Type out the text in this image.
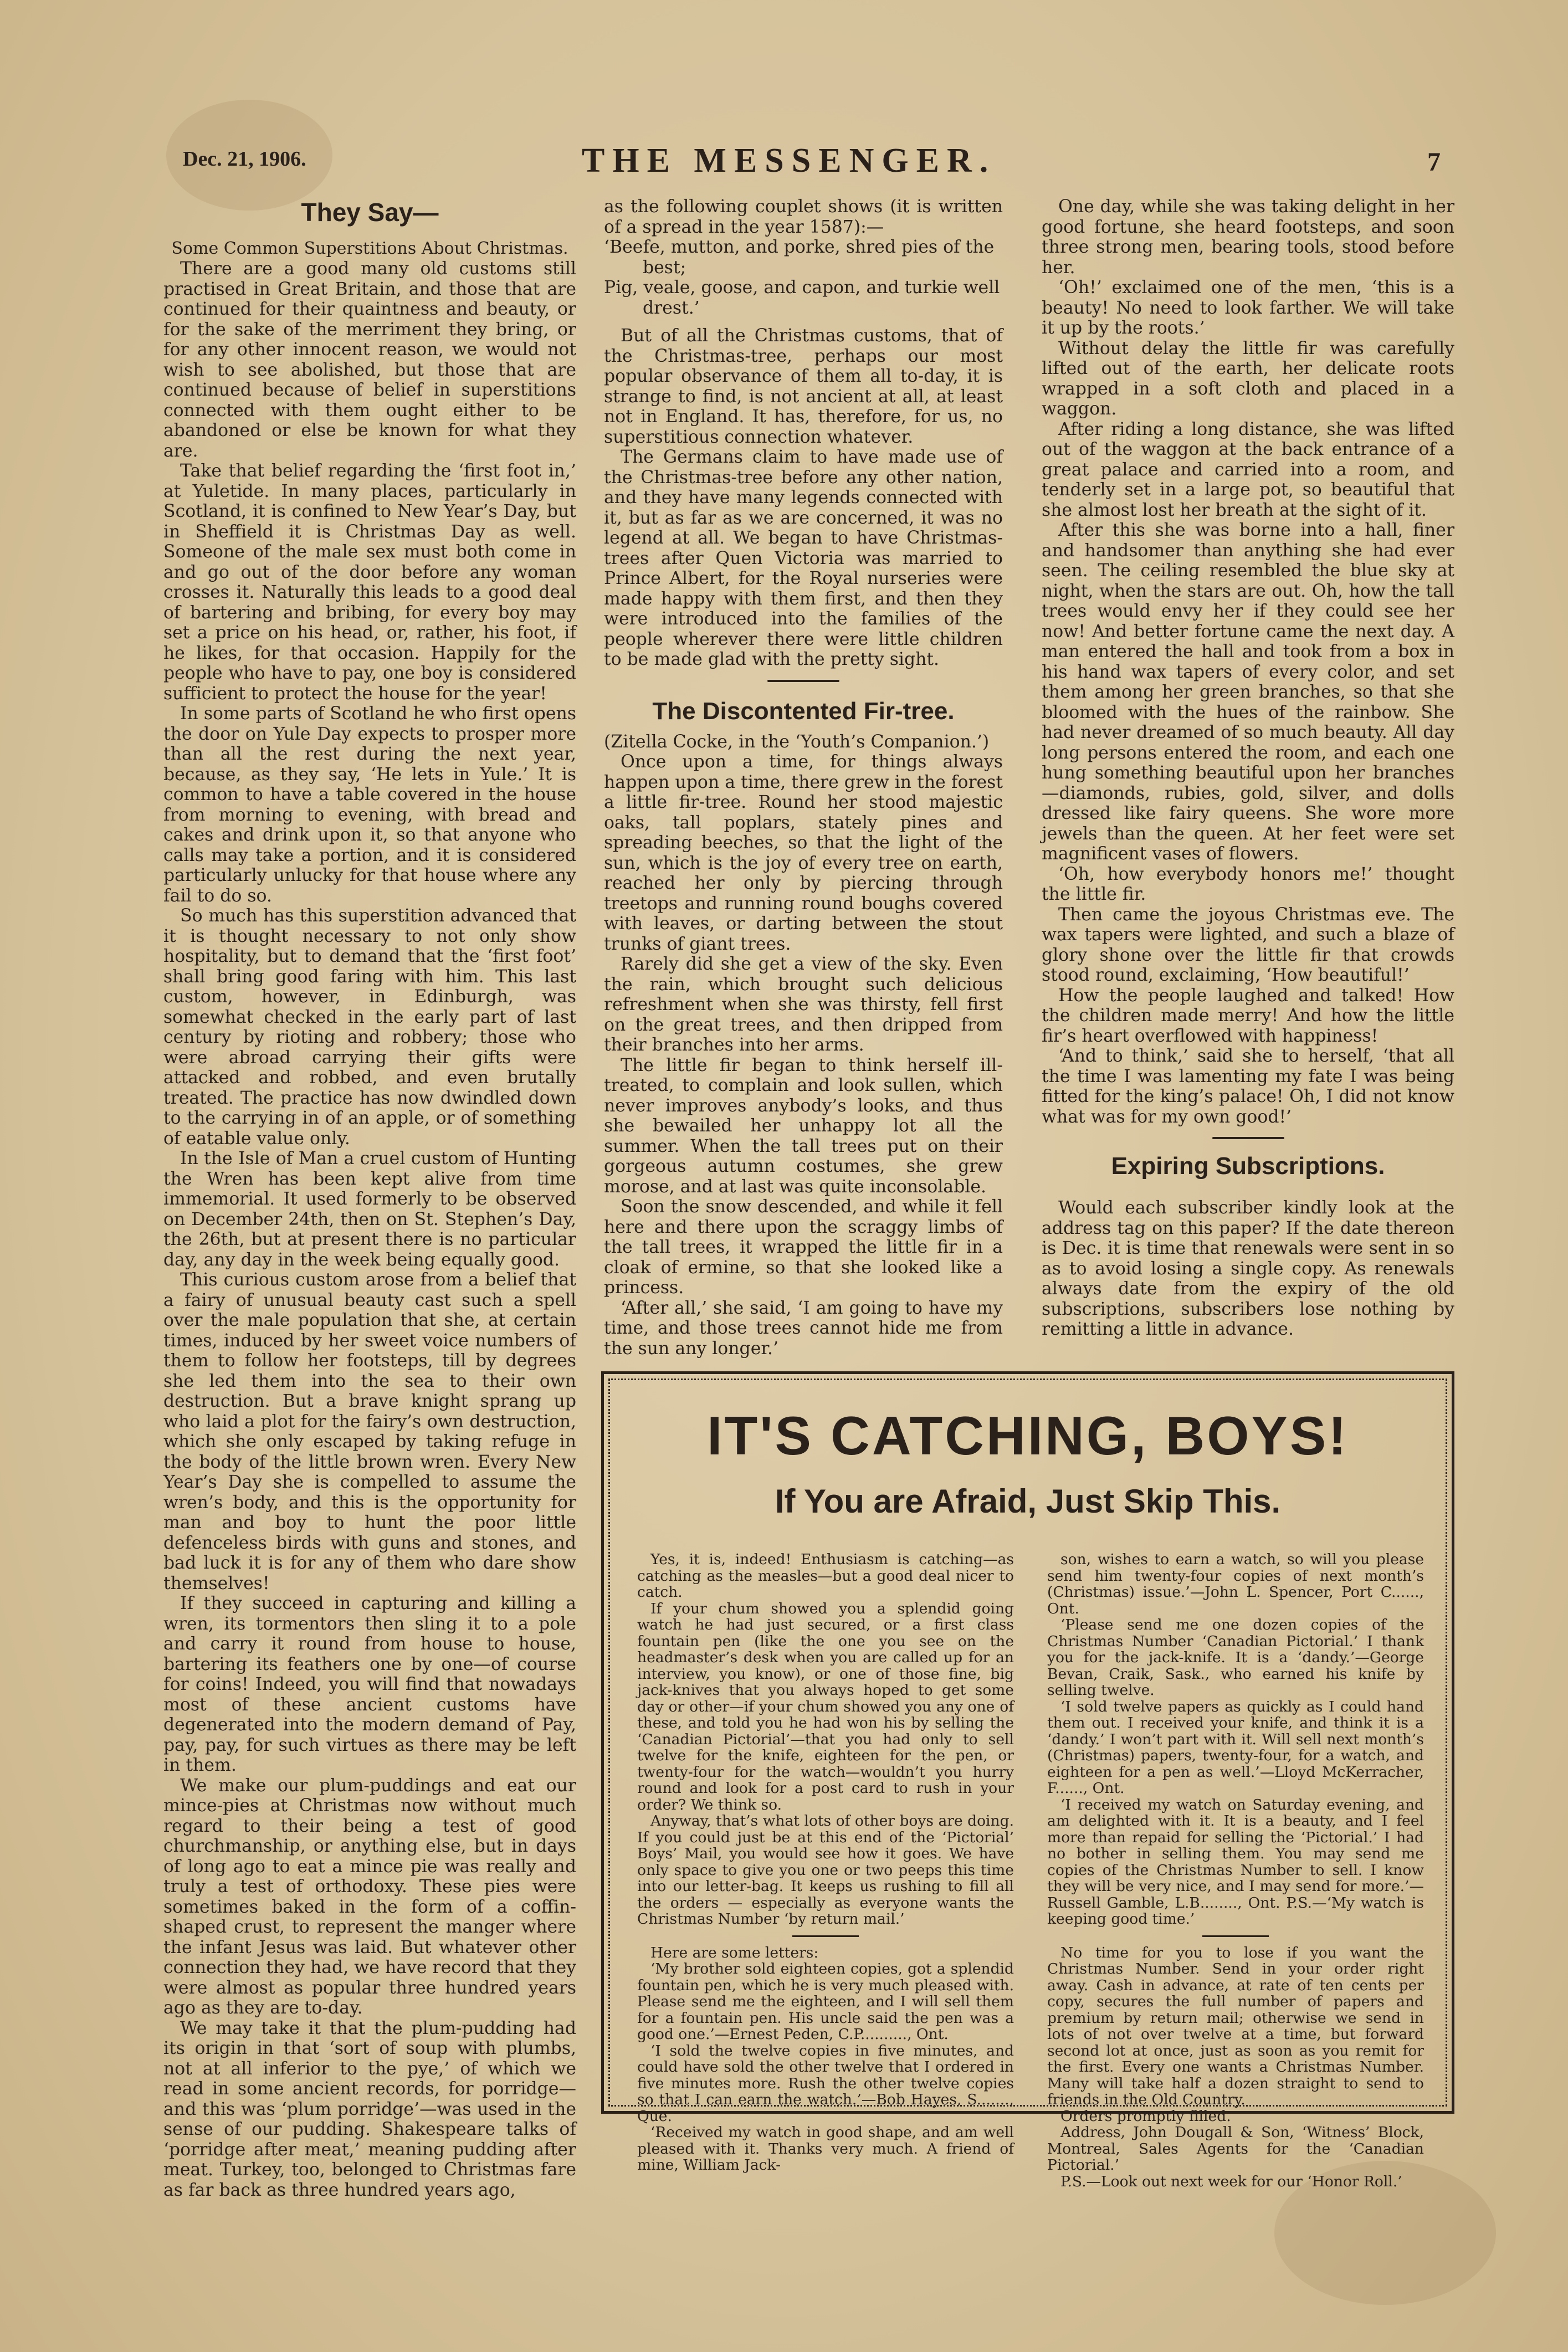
Dec. 21, 1906.	THE MESSENGER.	7
They Say—

Some Common Superstitions About Christmas.

There are a good many old customs still practised in Great Britain, and those that are continued for their quaintness and beauty, or for the sake of the merriment they bring, or for any other innocent reason, we would not wish to see abolished, but those that are continued because of belief in superstitions connected with them ought either to be abandoned or else be known for what they are.

Take that belief regarding the ‘first foot in,’ at Yuletide. In many places, particularly in Scotland, it is confined to New Year’s Day, but in Sheffield it is Christmas Day as well. Someone of the male sex must both come in and go out of the door before any woman crosses it. Naturally this leads to a good deal of bartering and bribing, for every boy may set a price on his head, or, rather, his foot, if he likes, for that occasion. Happily for the people who have to pay, one boy is considered sufficient to protect the house for the year!

In some parts of Scotland he who first opens the door on Yule Day expects to prosper more than all the rest during the next year, because, as they say, ‘He lets in Yule.’ It is common to have a table covered in the house from morning to evening, with bread and cakes and drink upon it, so that anyone who calls may take a portion, and it is considered particularly unlucky for that house where any fail to do so.

So much has this superstition advanced that it is thought necessary to not only show hospitality, but to demand that the ‘first foot’ shall bring good faring with him. This last custom, however, in Edinburgh, was somewhat checked in the early part of last century by rioting and robbery; those who were abroad carrying their gifts were attacked and robbed, and even brutally treated. The practice has now dwindled down to the carrying in of an apple, or of something of eatable value only.

In the Isle of Man a cruel custom of Hunting the Wren has been kept alive from time immemorial. It used formerly to be observed on December 24th, then on St. Stephen’s Day, the 26th, but at present there is no particular day, any day in the week being equally good.

This curious custom arose from a belief that a fairy of unusual beauty cast such a spell over the male population that she, at certain times, induced by her sweet voice numbers of them to follow her footsteps, till by degrees she led them into the sea to their own destruction. But a brave knight sprang up who laid a plot for the fairy’s own destruction, which she only escaped by taking refuge in the body of the little brown wren. Every New Year’s Day she is compelled to assume the wren’s body, and this is the opportunity for man and boy to hunt the poor little defenceless birds with guns and stones, and bad luck it is for any of them who dare show themselves!

If they succeed in capturing and killing a wren, its tormentors then sling it to a pole and carry it round from house to house, bartering its feathers one by one—of course for coins! Indeed, you will find that nowadays most of these ancient customs have degenerated into the modern demand of Pay, pay, pay, for such virtues as there may be left in them.

We make our plum-puddings and eat our mince-pies at Christmas now without much regard to their being a test of good churchmanship, or anything else, but in days of long ago to eat a mince pie was really and truly a test of orthodoxy. These pies were sometimes baked in the form of a coffin-shaped crust, to represent the manger where the infant Jesus was laid. But whatever other connection they had, we have record that they were almost as popular three hundred years ago as they are to-day.

We may take it that the plum-pudding had its origin in that ‘sort of soup with plumbs, not at all inferior to the pye,’ of which we read in some ancient records, for porridge—and this was ‘plum porridge’—was used in the sense of our pudding. Shakespeare talks of ‘porridge after meat,’ meaning pudding after meat. Turkey, too, belonged to Christmas fare as far back as three hundred years ago,

as the following couplet shows (it is written of a spread in the year 1587):—

‘Beefe, mutton, and porke, shred pies of the

best;

Pig, veale, goose, and capon, and turkie well

drest.’

But of all the Christmas customs, that of the Christmas-tree, perhaps our most popular observance of them all to-day, it is strange to find, is not ancient at all, at least not in England. It has, therefore, for us, no superstitious connection whatever.

The Germans claim to have made use of the Christmas-tree before any other nation, and they have many legends connected with it, but as far as we are concerned, it was no legend at all. We began to have Christmas-trees after Quen Victoria was married to Prince Albert, for the Royal nurseries were made happy with them first, and then they were introduced into the families of the people wherever there were little children to be made glad with the pretty sight.

The Discontented Fir-tree.

(Zitella Cocke, in the ‘Youth’s Companion.’)

Once upon a time, for things always happen upon a time, there grew in the forest a little fir-tree. Round her stood majestic oaks, tall poplars, stately pines and spreading beeches, so that the light of the sun, which is the joy of every tree on earth, reached her only by piercing through treetops and running round boughs covered with leaves, or darting between the stout trunks of giant trees.

Rarely did she get a view of the sky. Even the rain, which brought such delicious refreshment when she was thirsty, fell first on the great trees, and then dripped from their branches into her arms.

The little fir began to think herself ill-treated, to complain and look sullen, which never improves anybody’s looks, and thus she bewailed her unhappy lot all the summer. When the tall trees put on their gorgeous autumn costumes, she grew morose, and at last was quite inconsolable.

Soon the snow descended, and while it fell here and there upon the scraggy limbs of the tall trees, it wrapped the little fir in a cloak of ermine, so that she looked like a princess.

‘After all,’ she said, ‘I am going to have my time, and those trees cannot hide me from the sun any longer.’

One day, while she was taking delight in her good fortune, she heard footsteps, and soon three strong men, bearing tools, stood before her.

‘Oh!’ exclaimed one of the men, ‘this is a beauty! No need to look farther. We will take it up by the roots.’

Without delay the little fir was carefully lifted out of the earth, her delicate roots wrapped in a soft cloth and placed in a waggon.

After riding a long distance, she was lifted out of the waggon at the back entrance of a great palace and carried into a room, and tenderly set in a large pot, so beautiful that she almost lost her breath at the sight of it.

After this she was borne into a hall, finer and handsomer than anything she had ever seen. The ceiling resembled the blue sky at night, when the stars are out. Oh, how the tall trees would envy her if they could see her now! And better fortune came the next day. A man entered the hall and took from a box in his hand wax tapers of every color, and set them among her green branches, so that she bloomed with the hues of the rainbow. She had never dreamed of so much beauty. All day long persons entered the room, and each one hung something beautiful upon her branches—diamonds, rubies, gold, silver, and dolls dressed like fairy queens. She wore more jewels than the queen. At her feet were set magnificent vases of flowers.

‘Oh, how everybody honors me!’ thought the little fir.

Then came the joyous Christmas eve. The wax tapers were lighted, and such a blaze of glory shone over the little fir that crowds stood round, exclaiming, ‘How beautiful!’

How the people laughed and talked! How the children made merry! And how the little fir’s heart overflowed with happiness!

‘And to think,’ said she to herself, ‘that all the time I was lamenting my fate I was being fitted for the king’s palace! Oh, I did not know what was for my own good!’

Expiring Subscriptions.

Would each subscriber kindly look at the address tag on this paper? If the date thereon is Dec. it is time that renewals were sent in so as to avoid losing a single copy. As renewals always date from the expiry of the old subscriptions, subscribers lose nothing by remitting a little in advance.

IT'S CATCHING, BOYS!
If You are Afraid, Just Skip This.

Yes, it is, indeed! Enthusiasm is catching—as catching as the measles—but a good deal nicer to catch.

If your chum showed you a splendid going watch he had just secured, or a first class fountain pen (like the one you see on the headmaster’s desk when you are called up for an interview, you know), or one of those fine, big jack-knives that you always hoped to get some day or other—if your chum showed you any one of these, and told you he had won his by selling the ‘Canadian Pictorial’—that you had only to sell twelve for the knife, eighteen for the pen, or twenty-four for the watch—wouldn’t you hurry round and look for a post card to rush in your order? We think so.

Anyway, that’s what lots of other boys are doing. If you could just be at this end of the ‘Pictorial’ Boys’ Mail, you would see how it goes. We have only space to give you one or two peeps this time into our letter-bag. It keeps us rushing to fill all the orders — especially as everyone wants the Christmas Number ‘by return mail.’

Here are some letters:

‘My brother sold eighteen copies, got a splendid fountain pen, which he is very much pleased with. Please send me the eighteen, and I will sell them for a fountain pen. His uncle said the pen was a good one.’—Ernest Peden, C.P.........., Ont.

‘I sold the twelve copies in five minutes, and could have sold the other twelve that I ordered in five minutes more. Rush the other twelve copies so that I can earn the watch.’—Bob Hayes, S......., Que.

‘Received my watch in good shape, and am well pleased with it. Thanks very much. A friend of mine, William Jack-

son, wishes to earn a watch, so will you please send him twenty-four copies of next month’s (Christmas) issue.’—John L. Spencer, Port C......, Ont.

‘Please send me one dozen copies of the Christmas Number ‘Canadian Pictorial.’ I thank you for the jack-knife. It is a ‘dandy.’—George Bevan, Craik, Sask., who earned his knife by selling twelve.

‘I sold twelve papers as quickly as I could hand them out. I received your knife, and think it is a ‘dandy.’ I won’t part with it. Will sell next month’s (Christmas) papers, twenty-four, for a watch, and eighteen for a pen as well.’—Lloyd McKerracher, F......, Ont.

‘I received my watch on Saturday evening, and am delighted with it. It is a beauty, and I feel more than repaid for selling the ‘Pictorial.’ I had no bother in selling them. You may send me copies of the Christmas Number to sell. I know they will be very nice, and I may send for more.’—Russell Gamble, L.B........, Ont. P.S.—‘My watch is keeping good time.’

No time for you to lose if you want the Christmas Number. Send in your order right away. Cash in advance, at rate of ten cents per copy, secures the full number of papers and premium by return mail; otherwise we send in lots of not over twelve at a time, but forward second lot at once, just as soon as you remit for the first. Every one wants a Christmas Number. Many will take half a dozen straight to send to friends in the Old Country.

Orders promptly filled.

Address, John Dougall & Son, ‘Witness’ Block, Montreal, Sales Agents for the ‘Canadian Pictorial.’

P.S.—Look out next week for our ‘Honor Roll.’
